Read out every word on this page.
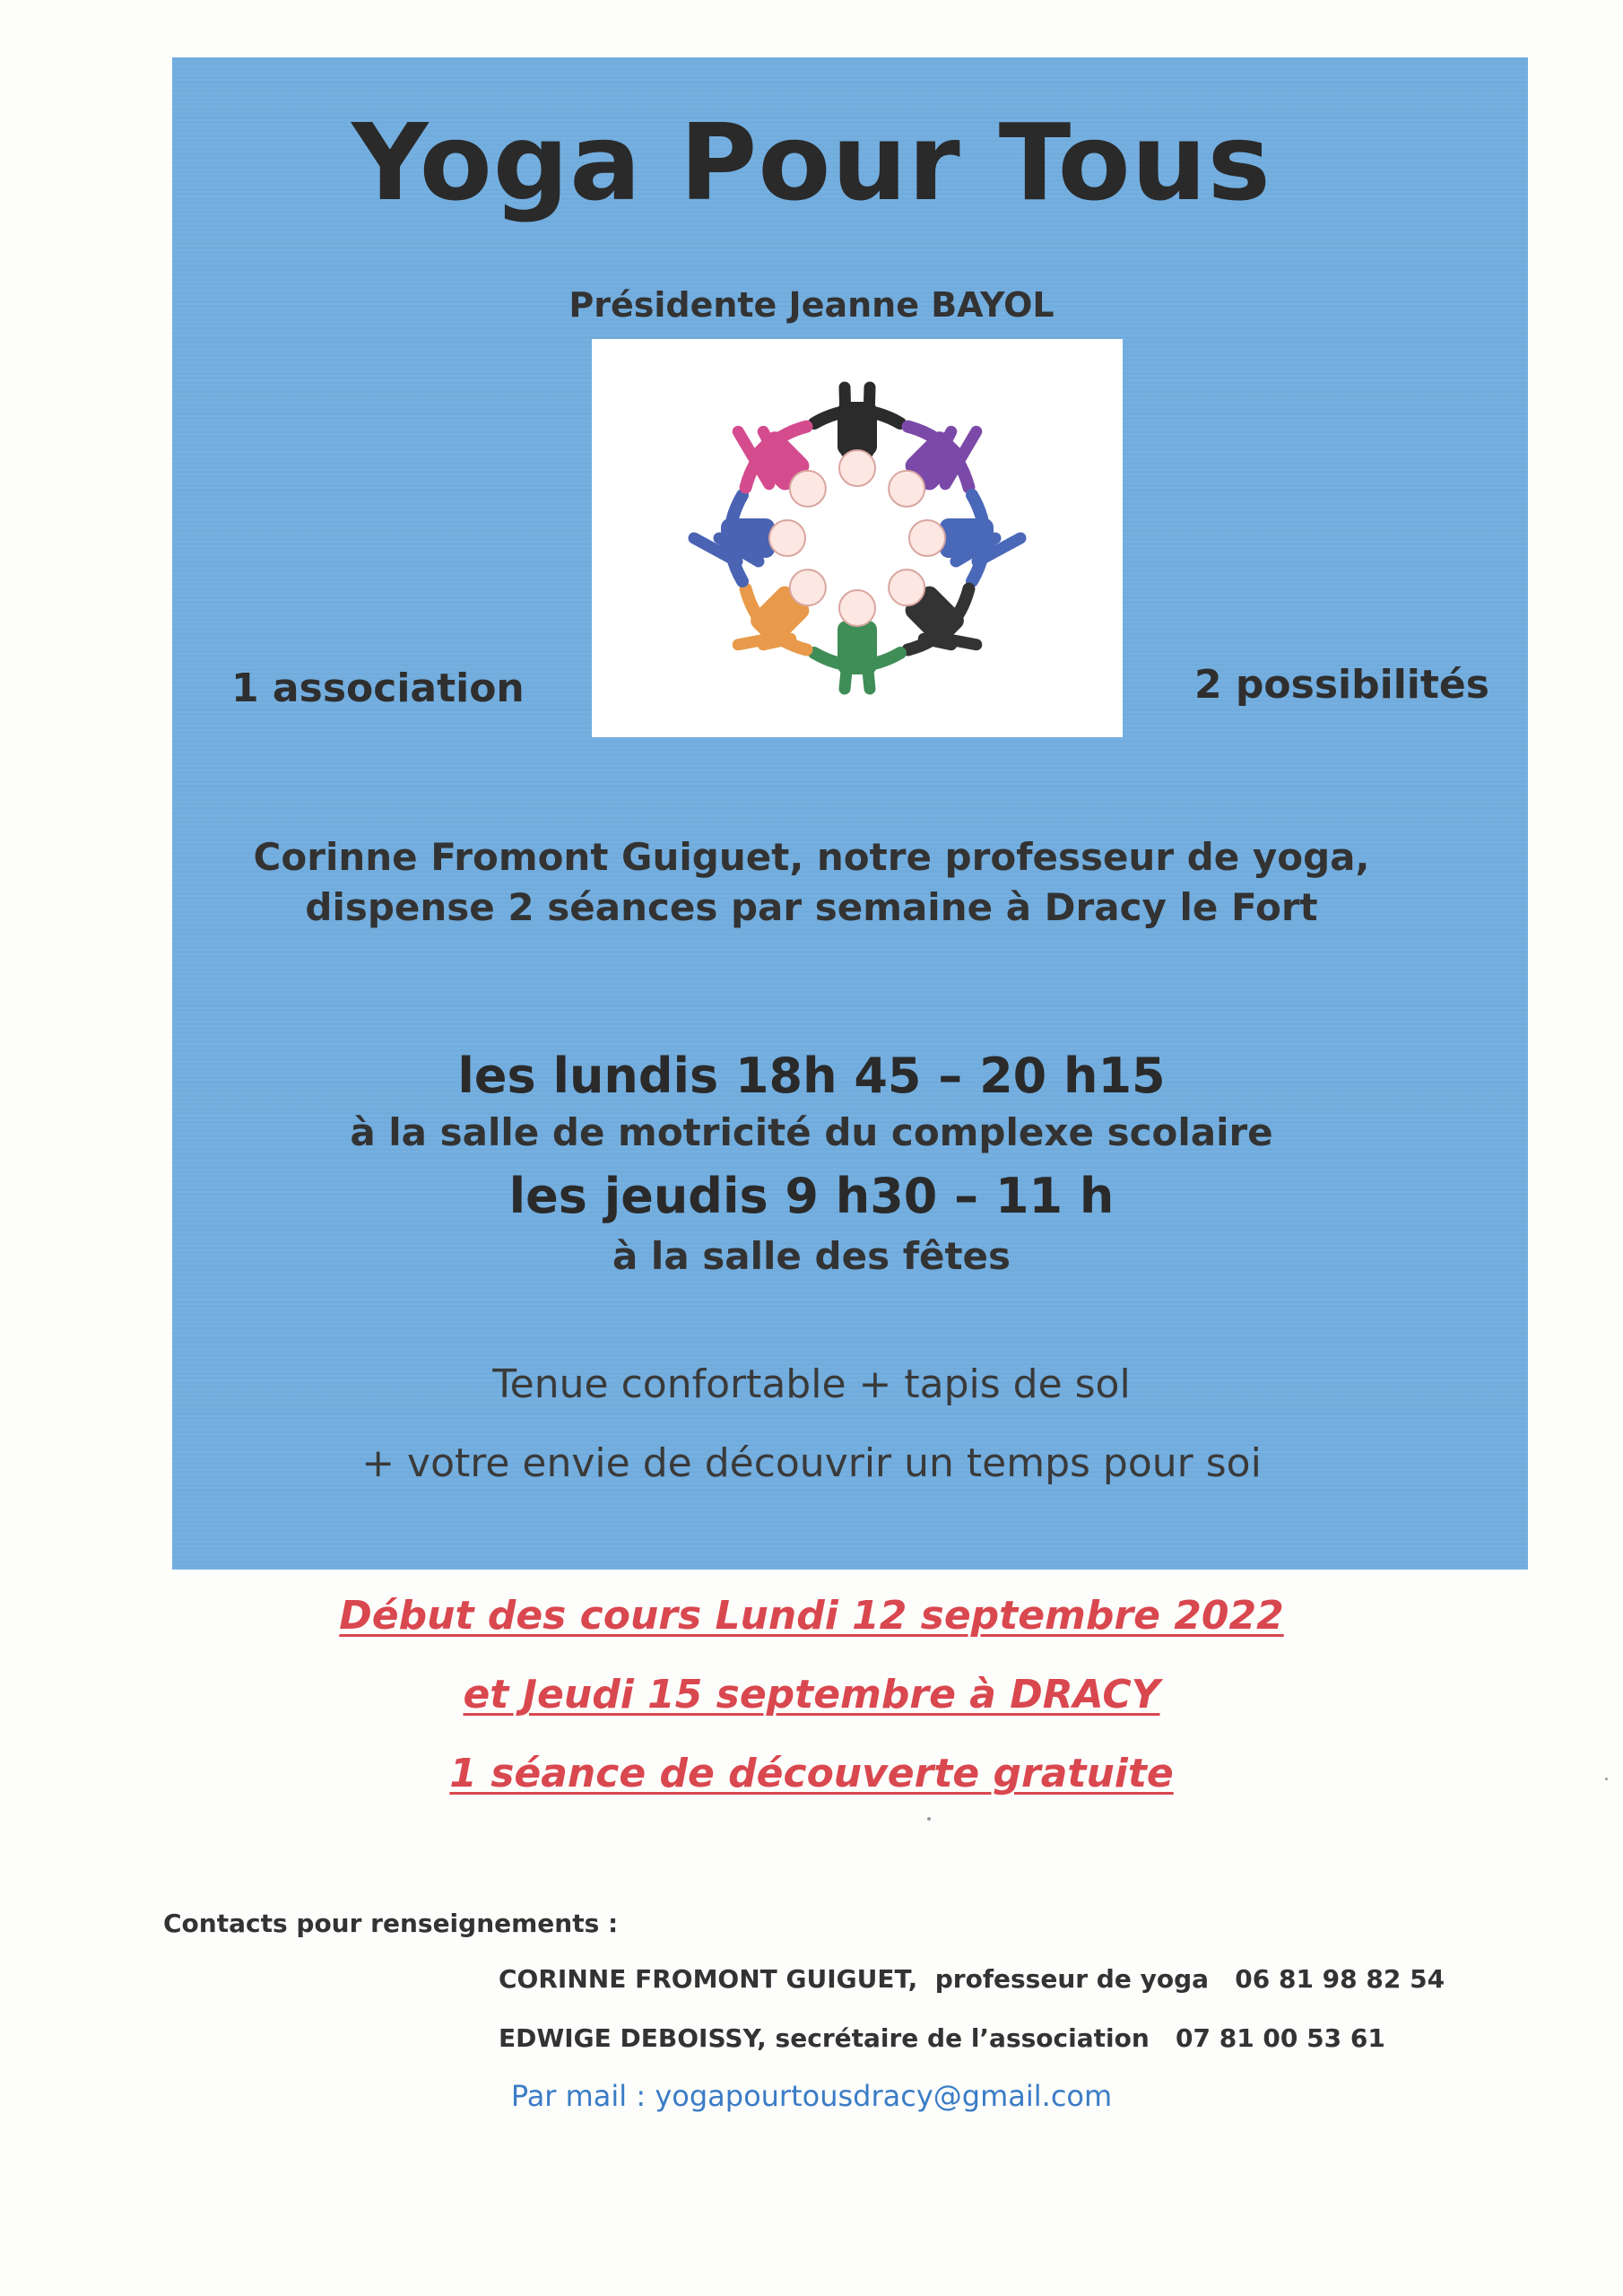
Yoga Pour Tous
Présidente Jeanne BAYOL
1 association	2 possibilités
Corinne Fromont Guiguet, notre professeur de yoga,
dispense 2 séances par semaine à Dracy le Fort
les lundis 18h 45 – 20 h15
à la salle de motricité du complexe scolaire
les jeudis 9 h30 – 11 h
à la salle des fêtes
Tenue confortable + tapis de sol
+ votre envie de découvrir un temps pour soi
Début des cours Lundi 12 septembre 2022
et Jeudi 15 septembre à DRACY
1 séance de découverte gratuite
Contacts pour renseignements :
CORINNE FROMONT GUIGUET,  professeur de yoga   06 81 98 82 54
EDWIGE DEBOISSY, secrétaire de l’association   07 81 00 53 61
Par mail : yogapourtousdracy@gmail.com
